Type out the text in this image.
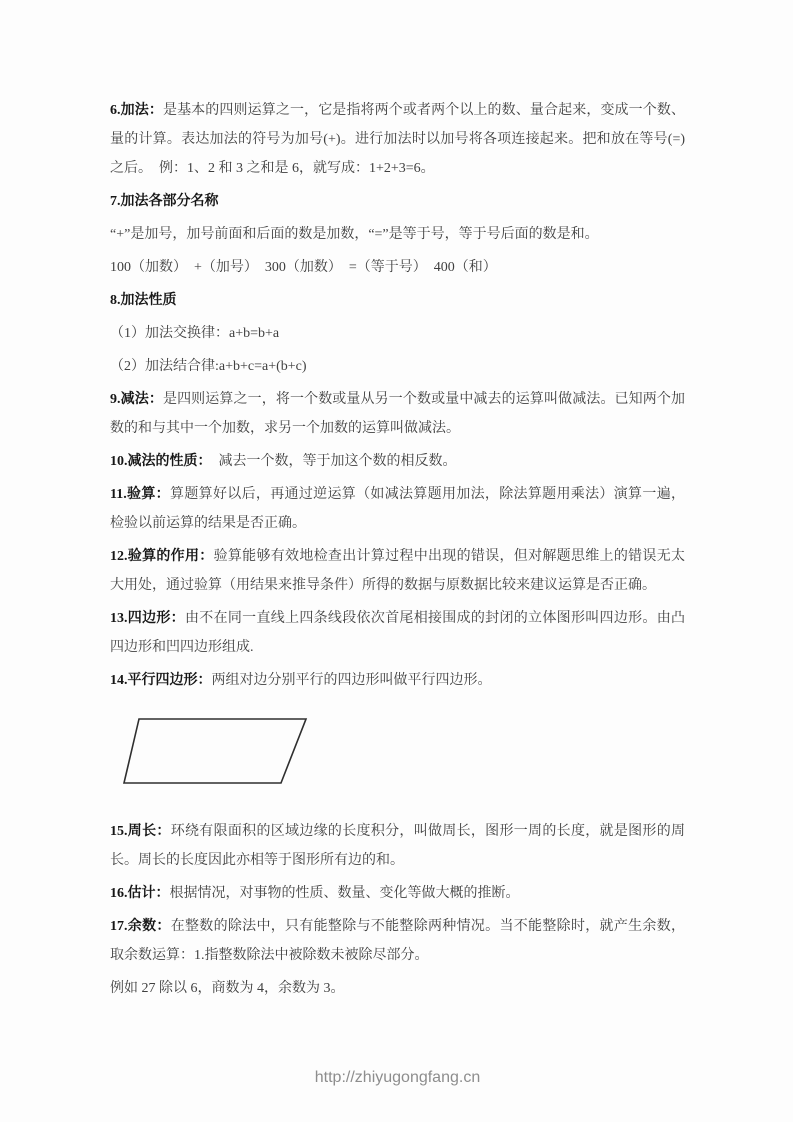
6.加法：是基本的四则运算之一，它是指将两个或者两个以上的数、量合起来，变成一个数、量的计算。表达加法的符号为加号(+)。进行加法时以加号将各项连接起来。把和放在等号(=)之后。　例：1、2 和 3 之和是 6，就写成：1+2+3=6。

7.加法各部分名称

“+”是加号，加号前面和后面的数是加数，“=”是等于号，等于号后面的数是和。

100（加数）　+（加号）　300（加数）　=（等于号）　400（和）

8.加法性质

（1）加法交换律：a+b=b+a

（2）加法结合律:a+b+c=a+(b+c)

9.减法：是四则运算之一，将一个数或量从另一个数或量中减去的运算叫做减法。已知两个加数的和与其中一个加数，求另一个加数的运算叫做减法。

10.减法的性质：　减去一个数，等于加这个数的相反数。

11.验算：算题算好以后，再通过逆运算（如减法算题用加法，除法算题用乘法）演算一遍，检验以前运算的结果是否正确。

12.验算的作用：验算能够有效地检查出计算过程中出现的错误，但对解题思维上的错误无太大用处，通过验算（用结果来推导条件）所得的数据与原数据比较来建议运算是否正确。

13.四边形：由不在同一直线上四条线段依次首尾相接围成的封闭的立体图形叫四边形。由凸四边形和凹四边形组成.

14.平行四边形：两组对边分别平行的四边形叫做平行四边形。

15.周长：环绕有限面积的区域边缘的长度积分，叫做周长，图形一周的长度，就是图形的周长。周长的长度因此亦相等于图形所有边的和。

16.估计：根据情况，对事物的性质、数量、变化等做大概的推断。

17.余数：在整数的除法中，只有能整除与不能整除两种情况。当不能整除时，就产生余数，取余数运算：1.指整数除法中被除数未被除尽部分。

例如 27 除以 6，商数为 4，余数为 3。

http://zhiyugongfang.cn
